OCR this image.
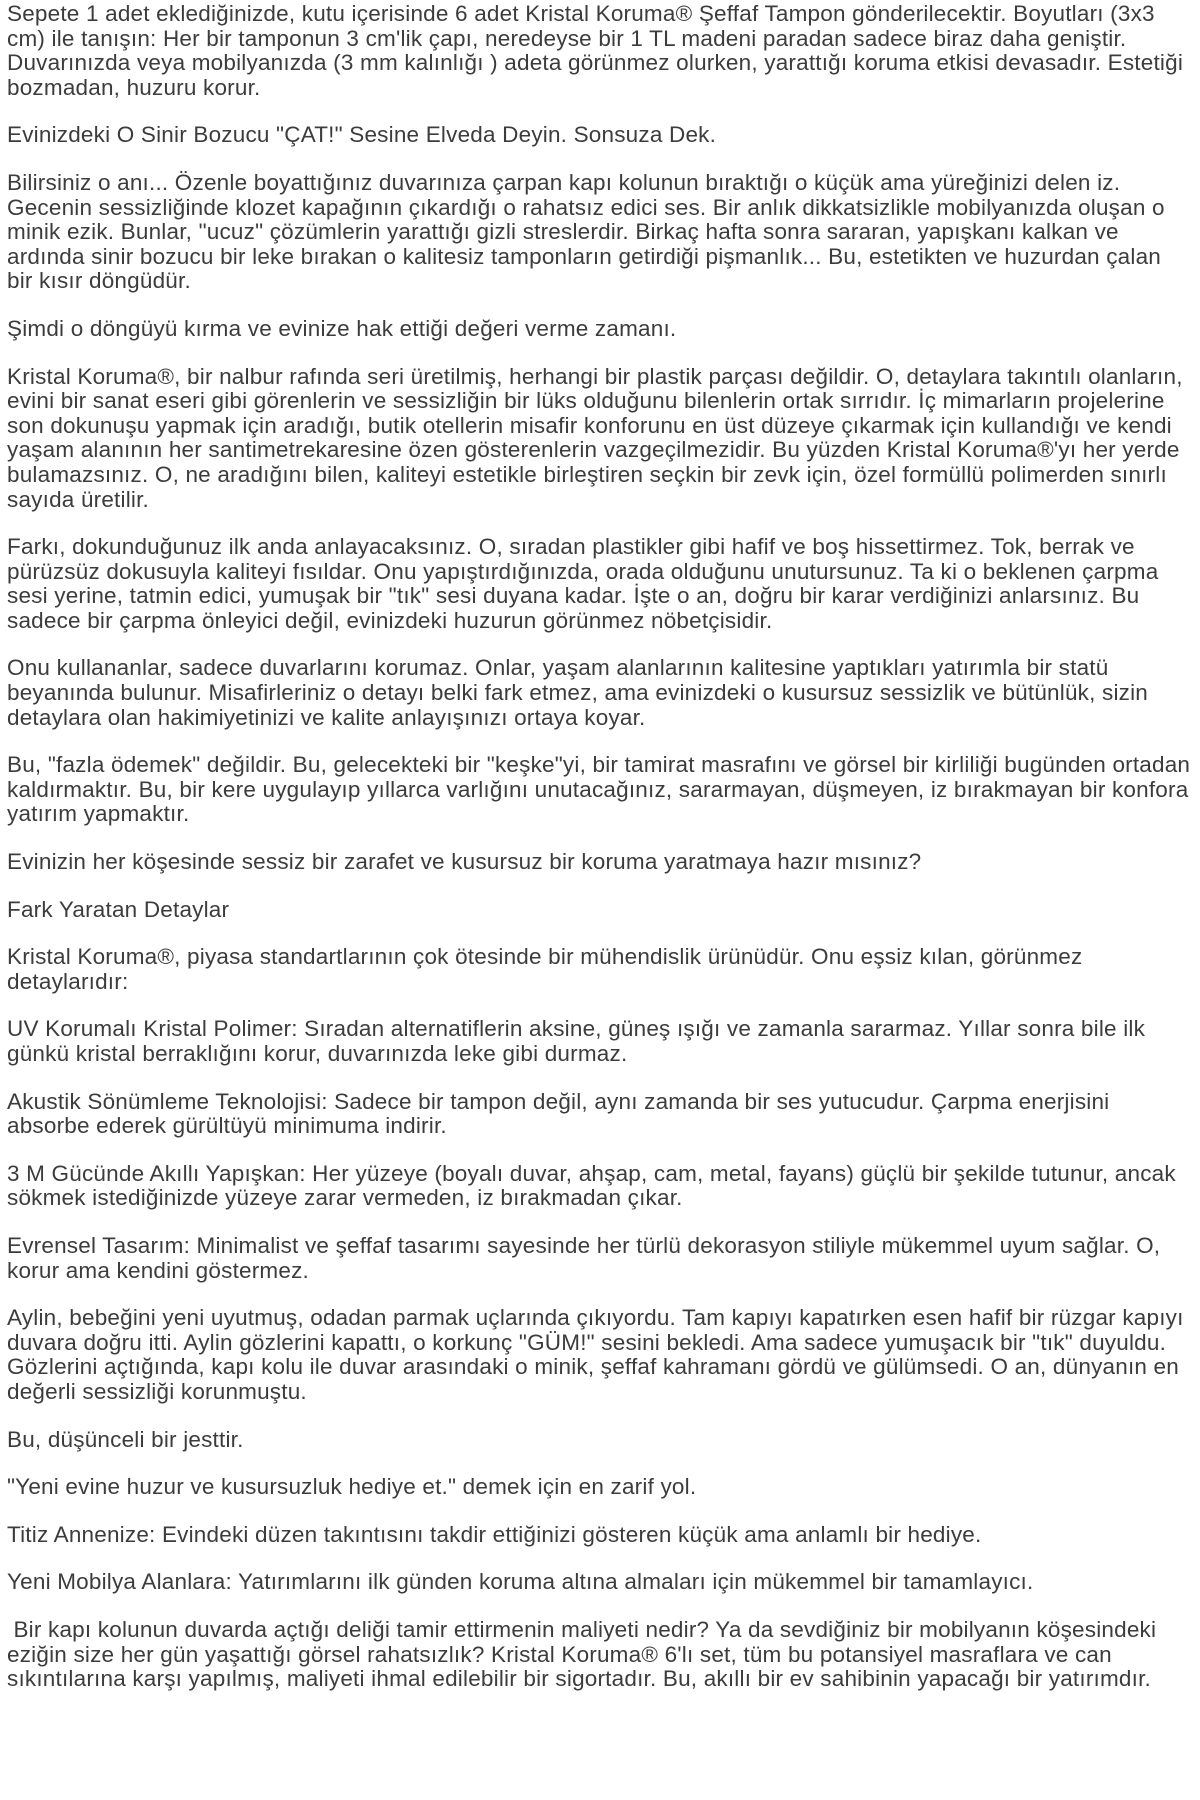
Sepete 1 adet eklediğinizde, kutu içerisinde 6 adet Kristal Koruma® Şeffaf Tampon gönderilecektir. Boyutları (3x3 cm) ile tanışın: Her bir tamponun 3 cm'lik çapı, neredeyse bir 1 TL madeni paradan sadece biraz daha geniştir. Duvarınızda veya mobilyanızda (3 mm kalınlığı ) adeta görünmez olurken, yarattığı koruma etkisi devasadır. Estetiği bozmadan, huzuru korur.

Evinizdeki O Sinir Bozucu "ÇAT!" Sesine Elveda Deyin. Sonsuza Dek.

Bilirsiniz o anı... Özenle boyattığınız duvarınıza çarpan kapı kolunun bıraktığı o küçük ama yüreğinizi delen iz. Gecenin sessizliğinde klozet kapağının çıkardığı o rahatsız edici ses. Bir anlık dikkatsizlikle mobilyanızda oluşan o minik ezik. Bunlar, "ucuz" çözümlerin yarattığı gizli streslerdir. Birkaç hafta sonra sararan, yapışkanı kalkan ve ardında sinir bozucu bir leke bırakan o kalitesiz tamponların getirdiği pişmanlık... Bu, estetikten ve huzurdan çalan bir kısır döngüdür.

Şimdi o döngüyü kırma ve evinize hak ettiği değeri verme zamanı.

Kristal Koruma®, bir nalbur rafında seri üretilmiş, herhangi bir plastik parçası değildir. O, detaylara takıntılı olanların, evini bir sanat eseri gibi görenlerin ve sessizliğin bir lüks olduğunu bilenlerin ortak sırrıdır. İç mimarların projelerine son dokunuşu yapmak için aradığı, butik otellerin misafir konforunu en üst düzeye çıkarmak için kullandığı ve kendi yaşam alanının her santimetrekaresine özen gösterenlerin vazgeçilmezidir. Bu yüzden Kristal Koruma®'yı her yerde bulamazsınız. O, ne aradığını bilen, kaliteyi estetikle birleştiren seçkin bir zevk için, özel formüllü polimerden sınırlı sayıda üretilir.

Farkı, dokunduğunuz ilk anda anlayacaksınız. O, sıradan plastikler gibi hafif ve boş hissettirmez. Tok, berrak ve pürüzsüz dokusuyla kaliteyi fısıldar. Onu yapıştırdığınızda, orada olduğunu unutursunuz. Ta ki o beklenen çarpma sesi yerine, tatmin edici, yumuşak bir "tık" sesi duyana kadar. İşte o an, doğru bir karar verdiğinizi anlarsınız. Bu sadece bir çarpma önleyici değil, evinizdeki huzurun görünmez nöbetçisidir.

Onu kullananlar, sadece duvarlarını korumaz. Onlar, yaşam alanlarının kalitesine yaptıkları yatırımla bir statü beyanında bulunur. Misafirleriniz o detayı belki fark etmez, ama evinizdeki o kusursuz sessizlik ve bütünlük, sizin detaylara olan hakimiyetinizi ve kalite anlayışınızı ortaya koyar.

Bu, "fazla ödemek" değildir. Bu, gelecekteki bir "keşke"yi, bir tamirat masrafını ve görsel bir kirliliği bugünden ortadan kaldırmaktır. Bu, bir kere uygulayıp yıllarca varlığını unutacağınız, sararmayan, düşmeyen, iz bırakmayan bir konfora yatırım yapmaktır.

Evinizin her köşesinde sessiz bir zarafet ve kusursuz bir koruma yaratmaya hazır mısınız?

Fark Yaratan Detaylar

Kristal Koruma®, piyasa standartlarının çok ötesinde bir mühendislik ürünüdür. Onu eşsiz kılan, görünmez detaylarıdır:

UV Korumalı Kristal Polimer: Sıradan alternatiflerin aksine, güneş ışığı ve zamanla sararmaz. Yıllar sonra bile ilk günkü kristal berraklığını korur, duvarınızda leke gibi durmaz.

Akustik Sönümleme Teknolojisi: Sadece bir tampon değil, aynı zamanda bir ses yutucudur. Çarpma enerjisini absorbe ederek gürültüyü minimuma indirir.

3 M Gücünde Akıllı Yapışkan: Her yüzeye (boyalı duvar, ahşap, cam, metal, fayans) güçlü bir şekilde tutunur, ancak sökmek istediğinizde yüzeye zarar vermeden, iz bırakmadan çıkar.

Evrensel Tasarım: Minimalist ve şeffaf tasarımı sayesinde her türlü dekorasyon stiliyle mükemmel uyum sağlar. O, korur ama kendini göstermez.

Aylin, bebeğini yeni uyutmuş, odadan parmak uçlarında çıkıyordu. Tam kapıyı kapatırken esen hafif bir rüzgar kapıyı duvara doğru itti. Aylin gözlerini kapattı, o korkunç "GÜM!" sesini bekledi. Ama sadece yumuşacık bir "tık" duyuldu. Gözlerini açtığında, kapı kolu ile duvar arasındaki o minik, şeffaf kahramanı gördü ve gülümsedi. O an, dünyanın en değerli sessizliği korunmuştu.

Bu, düşünceli bir jesttir.

"Yeni evine huzur ve kusursuzluk hediye et." demek için en zarif yol.

Titiz Annenize: Evindeki düzen takıntısını takdir ettiğinizi gösteren küçük ama anlamlı bir hediye.

Yeni Mobilya Alanlara: Yatırımlarını ilk günden koruma altına almaları için mükemmel bir tamamlayıcı.

Bir kapı kolunun duvarda açtığı deliği tamir ettirmenin maliyeti nedir? Ya da sevdiğiniz bir mobilyanın köşesindeki eziğin size her gün yaşattığı görsel rahatsızlık? Kristal Koruma® 6'lı set, tüm bu potansiyel masraflara ve can sıkıntılarına karşı yapılmış, maliyeti ihmal edilebilir bir sigortadır. Bu, akıllı bir ev sahibinin yapacağı bir yatırımdır.
